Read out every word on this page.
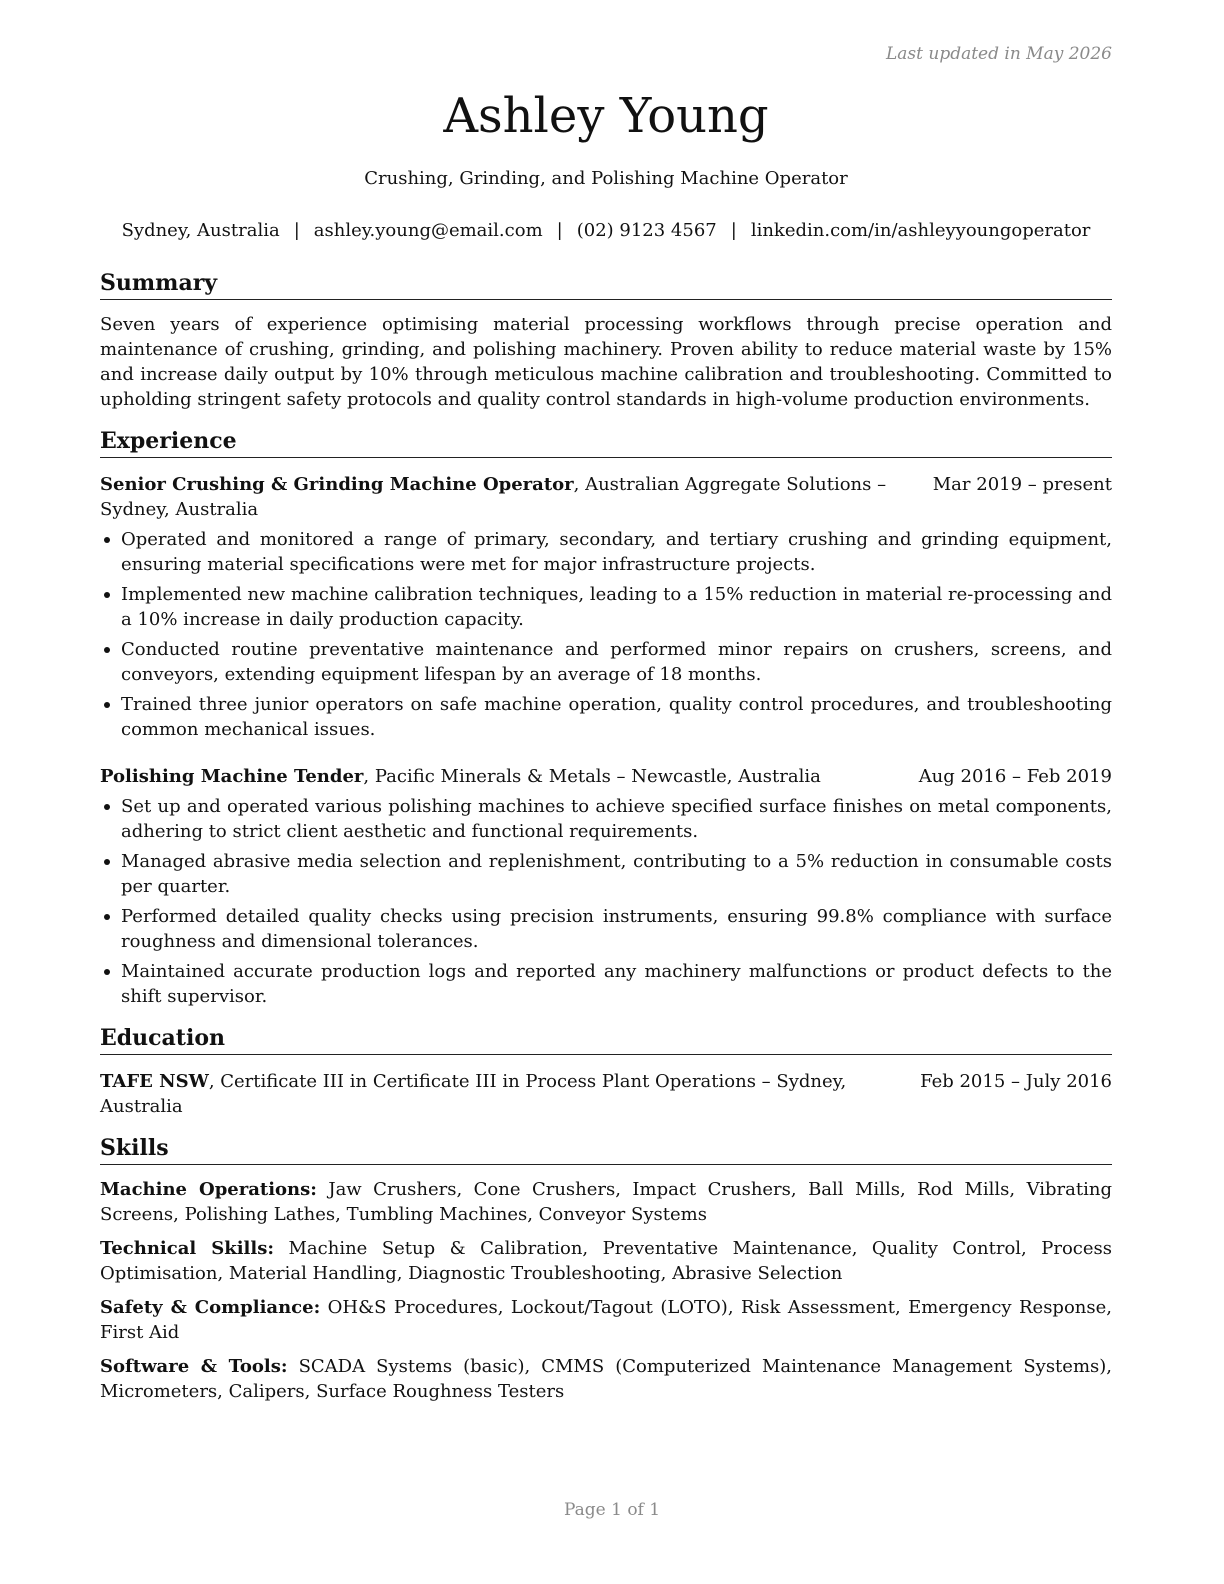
Last updated in May 2026
Ashley Young
Crushing, Grinding, and Polishing Machine Operator
Sydney, Australia | ashley.young@email.com | (02) 9123 4567 | linkedin.com/in/ashleyyoungoperator
Summary

Seven years of experience optimising material processing workflows through precise operation and maintenance of crushing, grinding, and polishing machinery. Proven ability to reduce material waste by 15% and increase daily output by 10% through meticulous machine calibration and troubleshooting. Committed to upholding stringent safety protocols and quality control standards in high-volume production environments.

Experience
Senior Crushing & Grinding Machine Operator, Australian Aggregate Solutions – Sydney, Australia
Mar 2019 – present
Operated and monitored a range of primary, secondary, and tertiary crushing and grinding equipment, ensuring material specifications were met for major infrastructure projects.
Implemented new machine calibration techniques, leading to a 15% reduction in material re-processing and a 10% increase in daily production capacity.
Conducted routine preventative maintenance and performed minor repairs on crushers, screens, and conveyors, extending equipment lifespan by an average of 18 months.
Trained three junior operators on safe machine operation, quality control procedures, and troubleshooting common mechanical issues.
Polishing Machine Tender, Pacific Minerals & Metals – Newcastle, Australia	Aug 2016 – Feb 2019
Set up and operated various polishing machines to achieve specified surface finishes on metal components, adhering to strict client aesthetic and functional requirements.
Managed abrasive media selection and replenishment, contributing to a 5% reduction in consumable costs per quarter.
Performed detailed quality checks using precision instruments, ensuring 99.8% compliance with surface roughness and dimensional tolerances.
Maintained accurate production logs and reported any machinery malfunctions or product defects to the shift supervisor.
Education
TAFE NSW, Certificate III in Certificate III in Process Plant Operations – Sydney, Australia
Feb 2015 – July 2016
Skills
Machine Operations: Jaw Crushers, Cone Crushers, Impact Crushers, Ball Mills, Rod Mills, Vibrating Screens, Polishing Lathes, Tumbling Machines, Conveyor Systems
Technical Skills: Machine Setup & Calibration, Preventative Maintenance, Quality Control, Process Optimisation, Material Handling, Diagnostic Troubleshooting, Abrasive Selection
Safety & Compliance: OH&S Procedures, Lockout/Tagout (LOTO), Risk Assessment, Emergency Response, First Aid
Software & Tools: SCADA Systems (basic), CMMS (Computerized Maintenance Management Systems), Micrometers, Calipers, Surface Roughness Testers
Page 1 of 1
